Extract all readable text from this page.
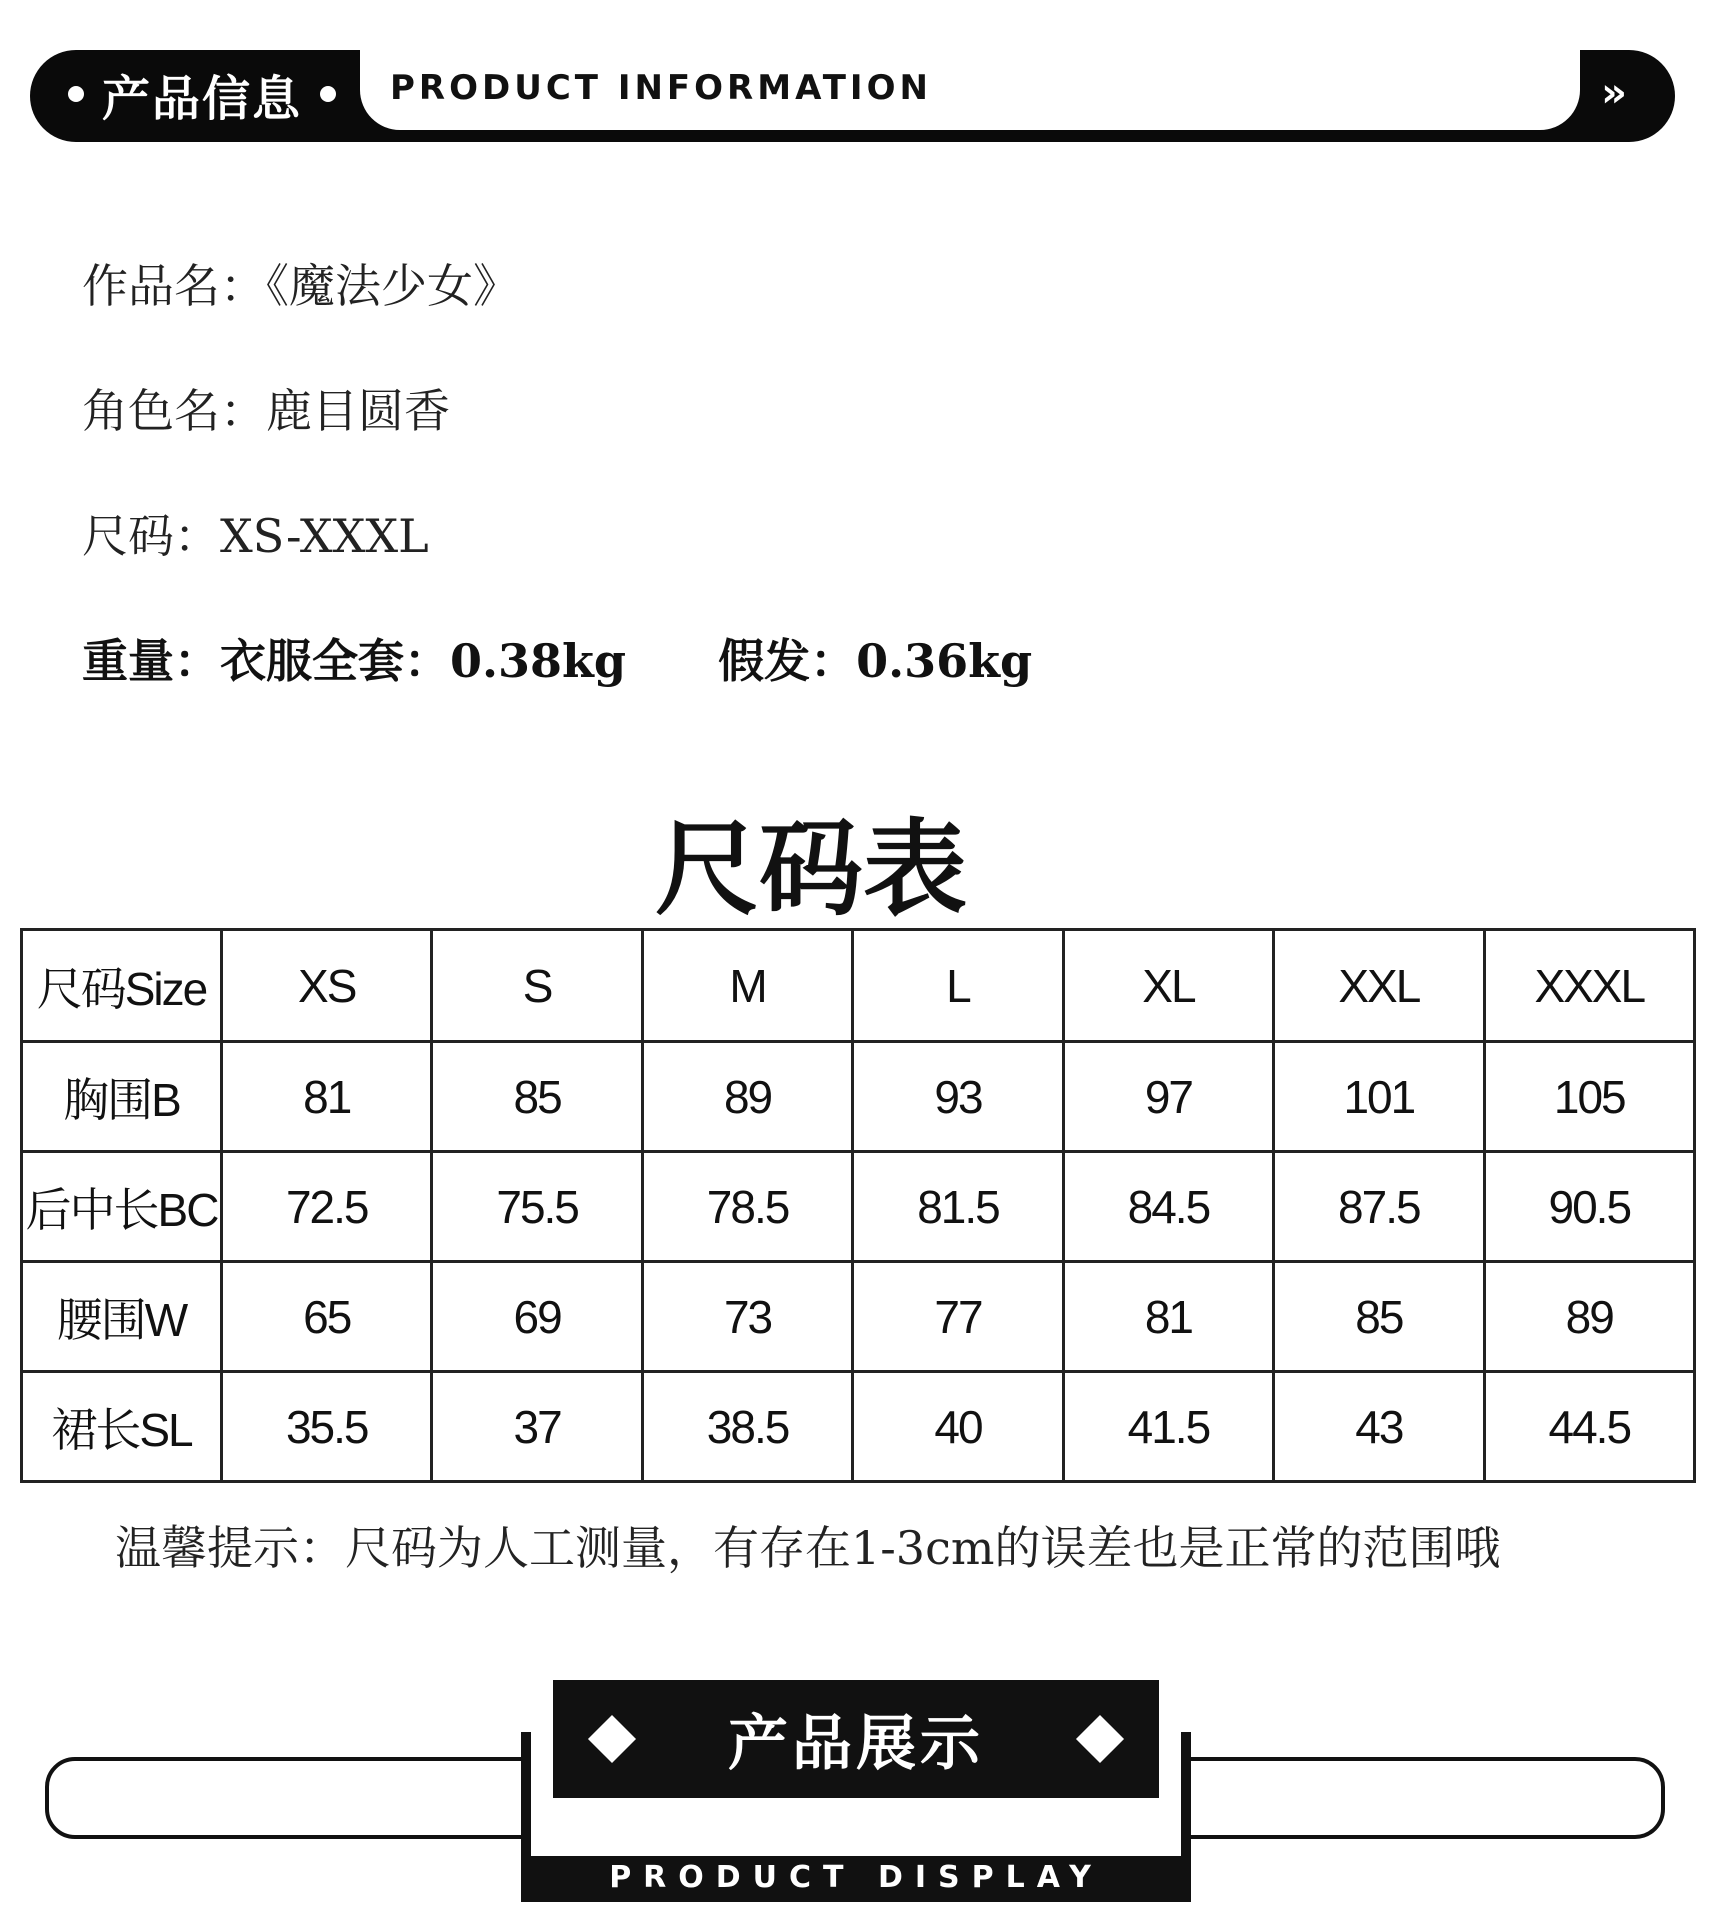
产品信息	PRODUCT INFORMATION	»
作品名：《魔法少女》
角色名：鹿目圆香
尺码：XS-XXXL
重量：衣服全套：0.38kg 假发：0.36kg
尺码表
尺码Size	XS	S	M	L	XL	XXL	XXXL
胸围B	81	85	89	93	97	101	105
后中长BC	72.5	75.5	78.5	81.5	84.5	87.5	90.5
腰围W	65	69	73	77	81	85	89
裙长SL	35.5	37	38.5	40	41.5	43	44.5
温馨提示：尺码为人工测量，有存在1-3cm的误差也是正常的范围哦
产品展示
PRODUCT DISPLAY
